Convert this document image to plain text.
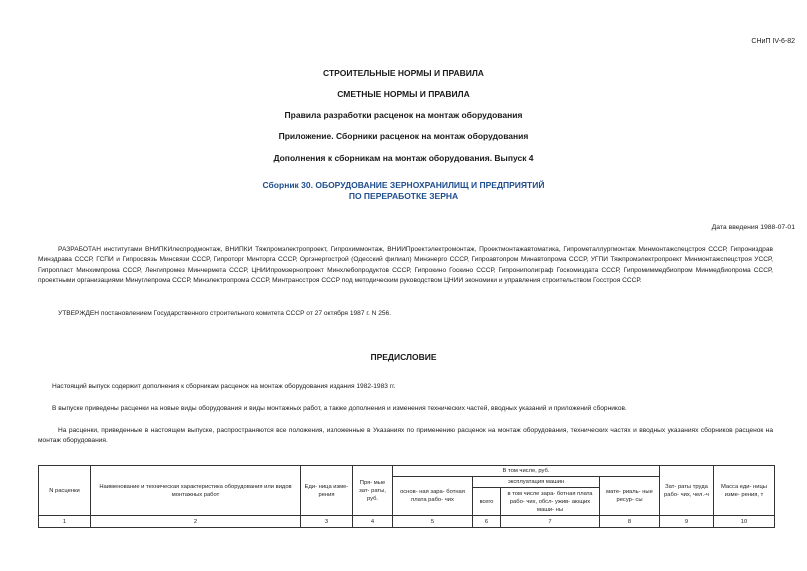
СНиП IV-6-82
СТРОИТЕЛЬНЫЕ НОРМЫ И ПРАВИЛА
СМЕТНЫЕ НОРМЫ И ПРАВИЛА
Правила разработки расценок на монтаж оборудования
Приложение. Сборники расценок на монтаж оборудования
Дополнения к сборникам на монтаж оборудования. Выпуск 4
Сборник 30. ОБОРУДОВАНИЕ ЗЕРНОХРАНИЛИЩ И ПРЕДПРИЯТИЙ
ПО ПЕРЕРАБОТКЕ ЗЕРНА
Дата введения 1988-07-01
РАЗРАБОТАН институтами ВНИПКИлеспродмонтаж, ВНИПКИ Тяжпромэлектропроект, Гипрохиммонтаж, ВНИИПроектэлектромонтаж, Проектмонтажавтоматика, Гипрометаллургмонтаж Минмонтажспецстроя СССР, Гипрониздрав Минздрава СССР, ГСПИ и Гипросвязь Минсвязи СССР, Гипроторг Минторга СССР, Оргэнергострой (Одесский филиал) Минэнерго СССР, Гипроавтопром Минавтопрома СССР, УГПИ Тяжпромэлектропроект Минмонтажспецстроя УССР, Гипропласт Минхимпрома СССР, Ленгипромез Минчермета СССР, ЦНИИпромзернопроект Минхлебопродуктов СССР, Гипрокино Госкино СССР, Гипрониполиграф Госкомиздата СССР, Гипромиммедбиопром Минмедбиопрома СССР, проектными организациями Минуглепрома СССР, Минэлектропрома СССР, Минтрансстроя СССР под методическим руководством ЦНИИ экономики и управления строительством Госстроя СССР.
УТВЕРЖДЕН постановлением Государственного строительного комитета СССР от 27 октября 1987 г. N 256.
ПРЕДИСЛОВИЕ
Настоящий выпуск содержит дополнения к сборникам расценок на монтаж оборудования издания 1982-1983 гг.
В выпуске приведены расценки на новые виды оборудования и виды монтажных работ, а также дополнения и изменения технических частей, вводных указаний и приложений сборников.
На расценки, приведенные в настоящем выпуске, распространяются все положения, изложенные в Указаниях по применению расценок на монтаж оборудования, технических частях и вводных указаниях сборников расценок на монтаж оборудования.
N расценки	Наименование и техническая характеристика оборудования или видов монтажных работ	Еди- ница изме- рения	Пря- мые зат- раты, руб.	В том числе, руб.				Зат- раты труда рабо- чих, чел.-ч	Масса еди- ницы изме- рения, т
				основ- ная зара- ботная плата рабо- чих	эксплуатация машин		мате- риаль- ные ресур- сы		
					всего	в том числе зара- ботная плата рабо- чих, обсл- ужив- ающих маши- ны			
1	2	3	4	5	6	7	8	9	10
